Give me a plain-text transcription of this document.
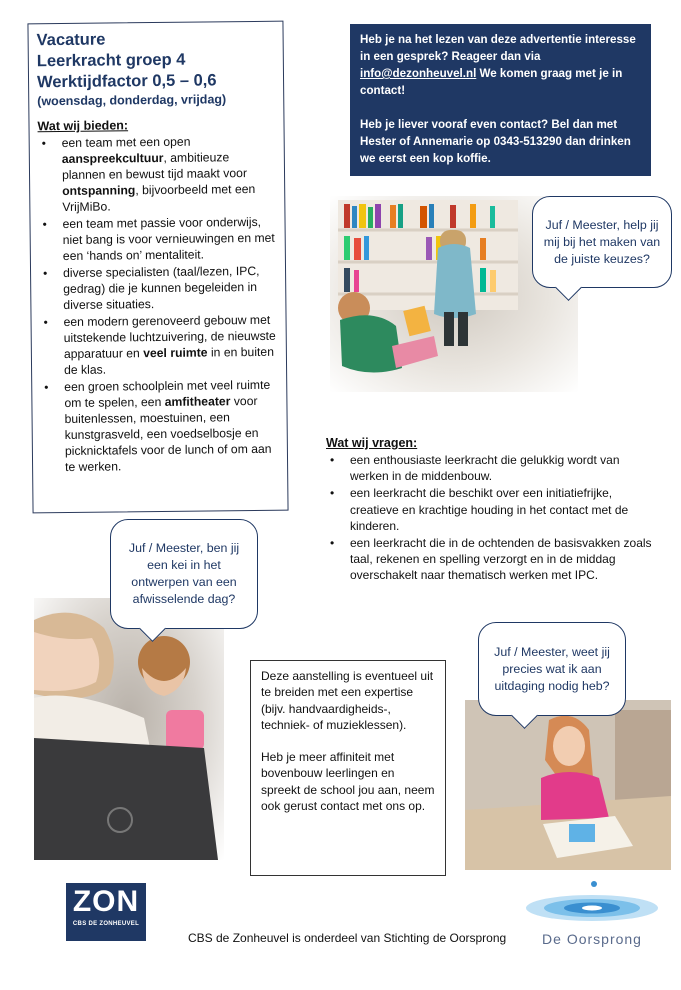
Vacature
Leerkracht groep 4
Werktijdfactor 0,5 – 0,6
(woensdag, donderdag, vrijdag)
Wat wij bieden:
• een team met een open aanspreekcultuur, ambitieuze plannen en bewust tijd maakt voor ontspanning, bijvoorbeeld met een VrijMiBo.
• een team met passie voor onderwijs, niet bang is voor vernieuwingen en met een ‘hands on’ mentaliteit.
• diverse specialisten (taal/lezen, IPC, gedrag) die je kunnen begeleiden in diverse situaties.
• een modern gerenoveerd gebouw met uitstekende luchtzuivering, de nieuwste apparatuur en veel ruimte in en buiten de klas.
• een groen schoolplein met veel ruimte om te spelen, een amfitheater voor buitenlessen, moestuinen, een kunstgrasveld, een voedselbosje en picknicktafels voor de lunch of om aan te werken.

Heb je na het lezen van deze advertentie interesse in een gesprek? Reageer dan via info@dezonheuvel.nl We komen graag met je in contact!

Heb je liever vooraf even contact? Bel dan met Hester of Annemarie op 0343-513290 dan drinken we eerst een kop koffie.

Juf / Meester, help jij mij bij het maken van de juiste keuzes?
Wat wij vragen:
• een enthousiaste leerkracht die gelukkig wordt van werken in de middenbouw.
• een leerkracht die beschikt over een initiatiefrijke, creatieve en krachtige houding in het contact met de kinderen.
• een leerkracht die in de ochtenden de basisvakken zoals taal, rekenen en spelling verzorgt en in de middag overschakelt naar thematisch werken met IPC.
Juf / Meester, ben jij een kei in het ontwerpen van een afwisselende dag?

Deze aanstelling is eventueel uit te breiden met een expertise (bijv. handvaardigheids-, techniek- of muzieklessen).

Heb je meer affiniteit met bovenbouw leerlingen en spreekt de school jou aan, neem ook gerust contact met ons op.

Juf / Meester, weet jij precies wat ik aan uitdaging nodig heb?
ZON
CBS DE ZONHEUVEL
CBS de Zonheuvel is onderdeel van Stichting de Oorsprong	De Oorsprong
